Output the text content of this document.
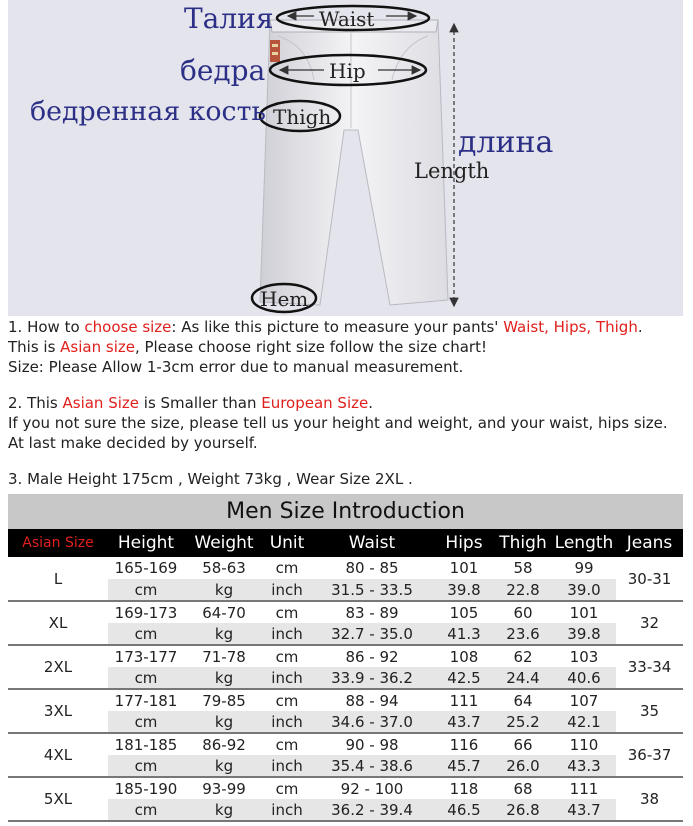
Waist
Hip
Thigh
Length
Hem
Талия
бедра
бедренная кость
длина

1. How to choose size: As like this picture to measure your pants' Waist, Hips, Thigh.

This is Asian size, Please choose right size follow the size chart!

Size: Please Allow 1-3cm error due to manual measurement.

2. This Asian Size is Smaller than European Size.

If you not sure the size, please tell us your height and weight, and your waist, hips size.

At last make decided by yourself.

3. Male Height 175cm , Weight 73kg , Wear Size 2XL .

Men Size Introduction								
Asian Size	Height	Weight	Unit	Waist	Hips	Thigh	Length	Jeans
L	165-169	58-63	cm	80 - 85	101	58	99	30-31
	cm	kg	inch	31.5 - 33.5	39.8	22.8	39.0	
XL	169-173	64-70	cm	83 - 89	105	60	101	32
	cm	kg	inch	32.7 - 35.0	41.3	23.6	39.8	
2XL	173-177	71-78	cm	86 - 92	108	62	103	33-34
	cm	kg	inch	33.9 - 36.2	42.5	24.4	40.6	
3XL	177-181	79-85	cm	88 - 94	111	64	107	35
	cm	kg	inch	34.6 - 37.0	43.7	25.2	42.1	
4XL	181-185	86-92	cm	90 - 98	116	66	110	36-37
	cm	kg	inch	35.4 - 38.6	45.7	26.0	43.3	
5XL	185-190	93-99	cm	92 - 100	118	68	111	38
	cm	kg	inch	36.2 - 39.4	46.5	26.8	43.7	
